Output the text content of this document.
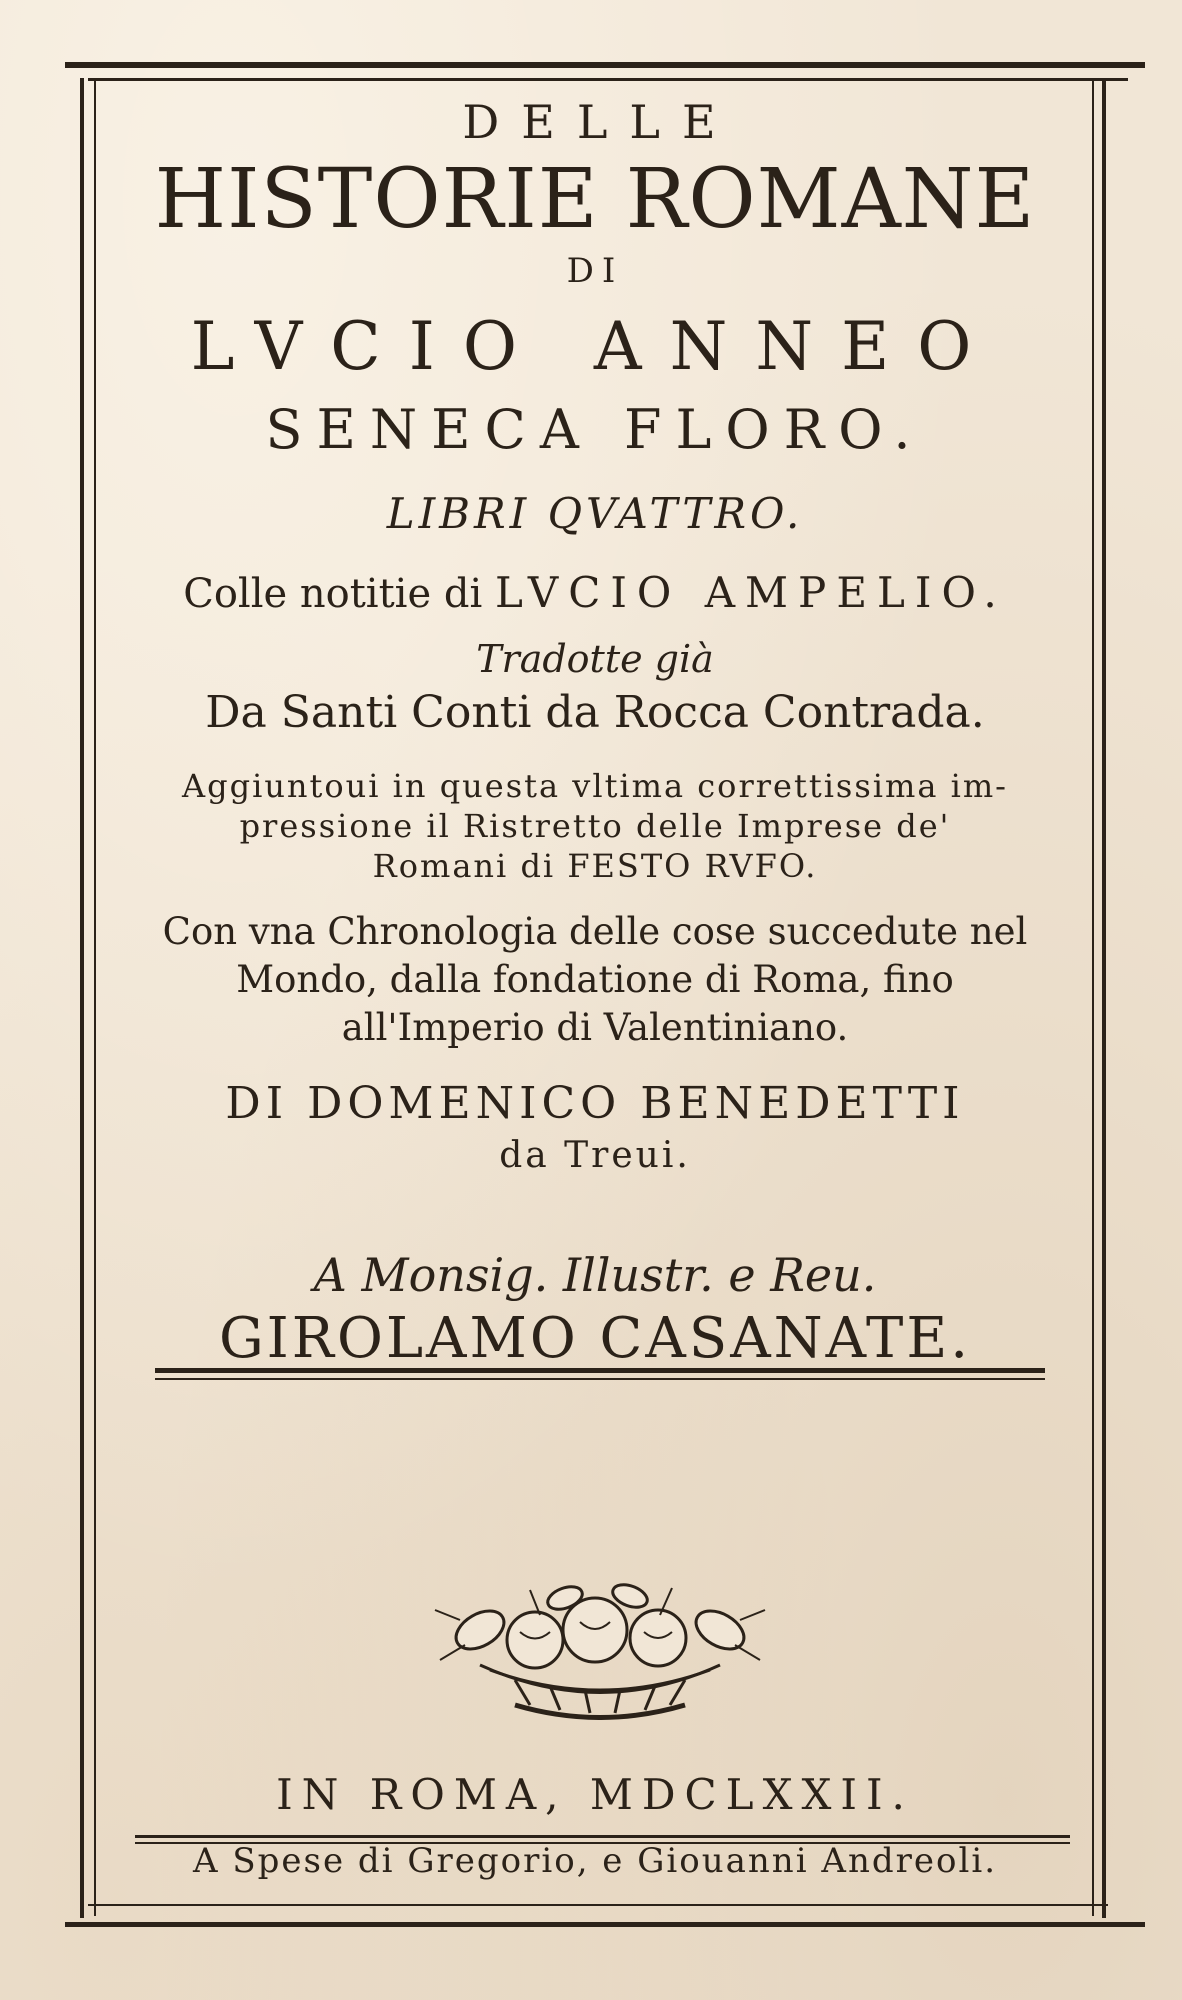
DELLE
HISTORIE ROMANE
DI
LVCIO ANNEO
SENECA FLORO.
LIBRI QVATTRO.
Colle notitie di LVCIO AMPELIO.
Tradotte già
Da Santi Conti da Rocca Contrada.
Aggiuntoui in questa vltima correttissima im-
pressione il Ristretto delle Imprese de'
Romani di FESTO RVFO.
Con vna Chronologia delle cose succedute nel
Mondo, dalla fondatione di Roma, fino
all'Imperio di Valentiniano.
DI DOMENICO BENEDETTI
da Treui.
A Monsig. Illustr. e Reu.
GIROLAMO CASANATE.
IN ROMA, MDCLXXII.
A Spese di Gregorio, e Giouanni Andreoli.
